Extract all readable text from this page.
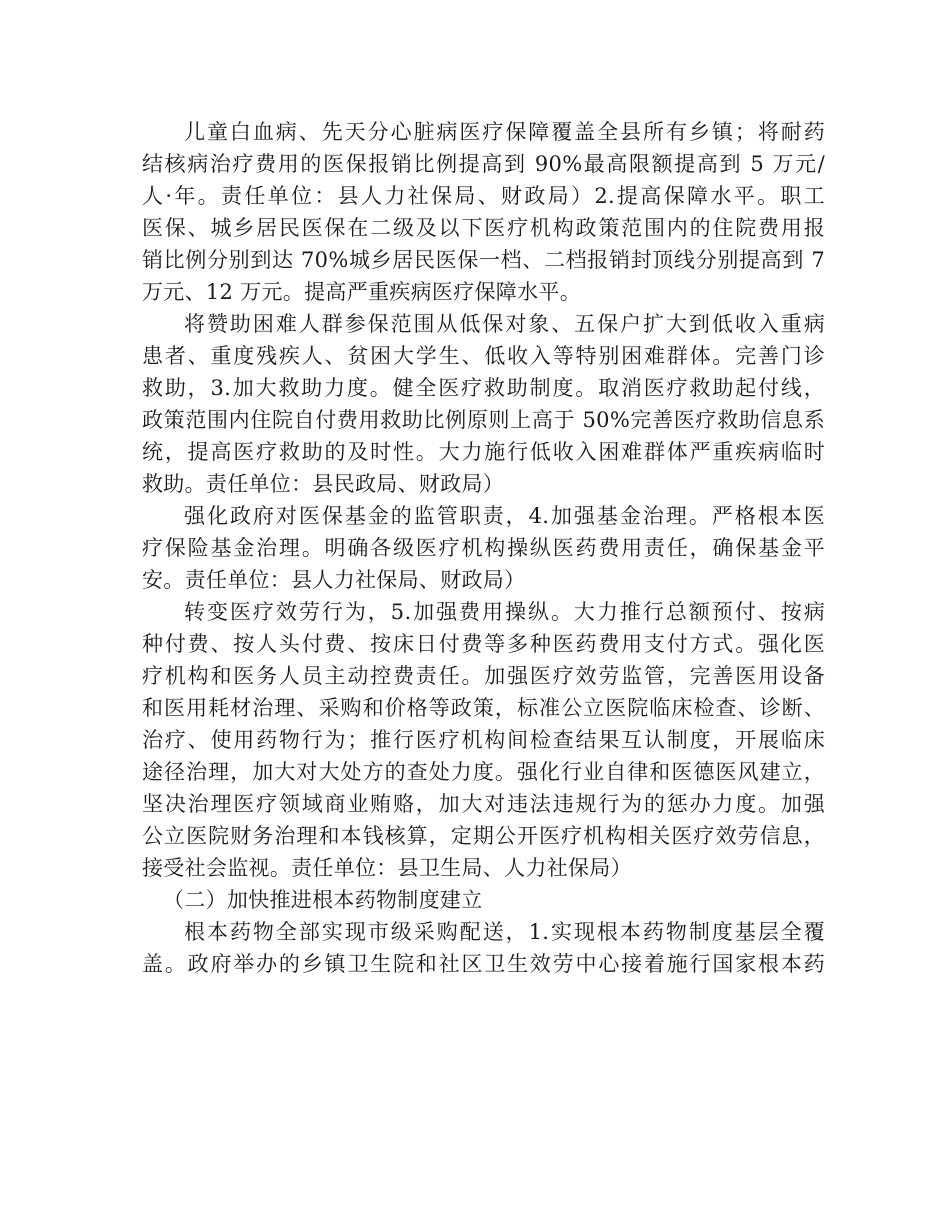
儿童白血病、先天分心脏病医疗保障覆盖全县所有乡镇；将耐药
结核病治疗费用的医保报销比例提高到 90%最高限额提高到 5 万元/
人·年。责任单位：县人力社保局、财政局）2.提高保障水平。职工
医保、城乡居民医保在二级及以下医疗机构政策范围内的住院费用报
销比例分别到达 70%城乡居民医保一档、二档报销封顶线分别提高到 7
万元、12 万元。提高严重疾病医疗保障水平。
将赞助困难人群参保范围从低保对象、五保户扩大到低收入重病
患者、重度残疾人、贫困大学生、低收入等特别困难群体。完善门诊
救助，3.加大救助力度。健全医疗救助制度。取消医疗救助起付线，
政策范围内住院自付费用救助比例原则上高于 50%完善医疗救助信息系
统，提高医疗救助的及时性。大力施行低收入困难群体严重疾病临时
救助。责任单位：县民政局、财政局）
强化政府对医保基金的监管职责，4.加强基金治理。严格根本医
疗保险基金治理。明确各级医疗机构操纵医药费用责任，确保基金平
安。责任单位：县人力社保局、财政局）
转变医疗效劳行为，5.加强费用操纵。大力推行总额预付、按病
种付费、按人头付费、按床日付费等多种医药费用支付方式。强化医
疗机构和医务人员主动控费责任。加强医疗效劳监管，完善医用设备
和医用耗材治理、采购和价格等政策，标准公立医院临床检查、诊断、
治疗、使用药物行为；推行医疗机构间检查结果互认制度，开展临床
途径治理，加大对大处方的查处力度。强化行业自律和医德医风建立，
坚决治理医疗领域商业贿赂，加大对违法违规行为的惩办力度。加强
公立医院财务治理和本钱核算，定期公开医疗机构相关医疗效劳信息，
接受社会监视。责任单位：县卫生局、人力社保局）
（二）加快推进根本药物制度建立
根本药物全部实现市级采购配送，1.实现根本药物制度基层全覆
盖。政府举办的乡镇卫生院和社区卫生效劳中心接着施行国家根本药
